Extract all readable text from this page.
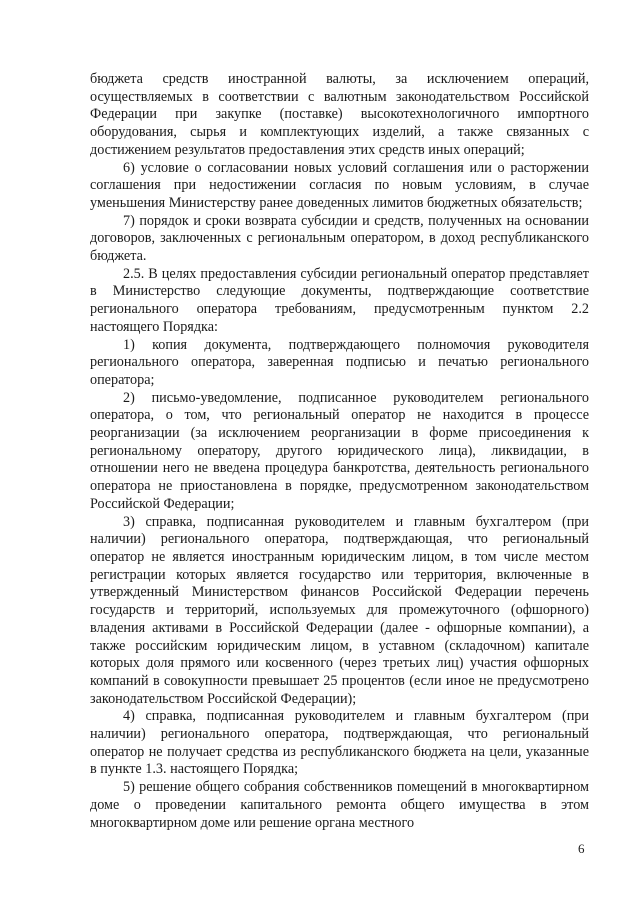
бюджета средств иностранной валюты, за исключением операций, осуществляемых в соответствии с валютным законодательством Российской Федерации при закупке (поставке) высокотехнологичного импортного оборудования, сырья и комплектующих изделий, а также связанных с достижением результатов предоставления этих средств иных операций;

6) условие о согласовании новых условий соглашения или о расторжении соглашения при недостижении согласия по новым условиям, в случае уменьшения Министерству ранее доведенных лимитов бюджетных обязательств;

7) порядок и сроки возврата субсидии и средств, полученных на основании договоров, заключенных с региональным оператором, в доход республиканского бюджета.

2.5. В целях предоставления субсидии региональный оператор представляет в Министерство следующие документы, подтверждающие соответствие регионального оператора требованиям, предусмотренным пунктом 2.2 настоящего Порядка:

1) копия документа, подтверждающего полномочия руководителя регионального оператора, заверенная подписью и печатью регионального оператора;

2) письмо-уведомление, подписанное руководителем регионального оператора, о том, что региональный оператор не находится в процессе реорганизации (за исключением реорганизации в форме присоединения к региональному оператору, другого юридического лица), ликвидации, в отношении него не введена процедура банкротства, деятельность регионального оператора не приостановлена в порядке, предусмотренном законодательством Российской Федерации;

3) справка, подписанная руководителем и главным бухгалтером (при наличии) регионального оператора, подтверждающая, что региональный оператор не является иностранным юридическим лицом, в том числе местом регистрации которых является государство или территория, включенные в утвержденный Министерством финансов Российской Федерации перечень государств и территорий, используемых для промежуточного (офшорного) владения активами в Российской Федерации (далее - офшорные компании), а также российским юридическим лицом, в уставном (складочном) капитале которых доля прямого или косвенного (через третьих лиц) участия офшорных компаний в совокупности превышает 25 процентов (если иное не предусмотрено законодательством Российской Федерации);

4) справка, подписанная руководителем и главным бухгалтером (при наличии) регионального оператора, подтверждающая, что региональный оператор не получает средства из республиканского бюджета на цели, указанные в пункте 1.3. настоящего Порядка;

5) решение общего собрания собственников помещений в многоквартирном доме о проведении капитального ремонта общего имущества в этом многоквартирном доме или решение органа местного

6
